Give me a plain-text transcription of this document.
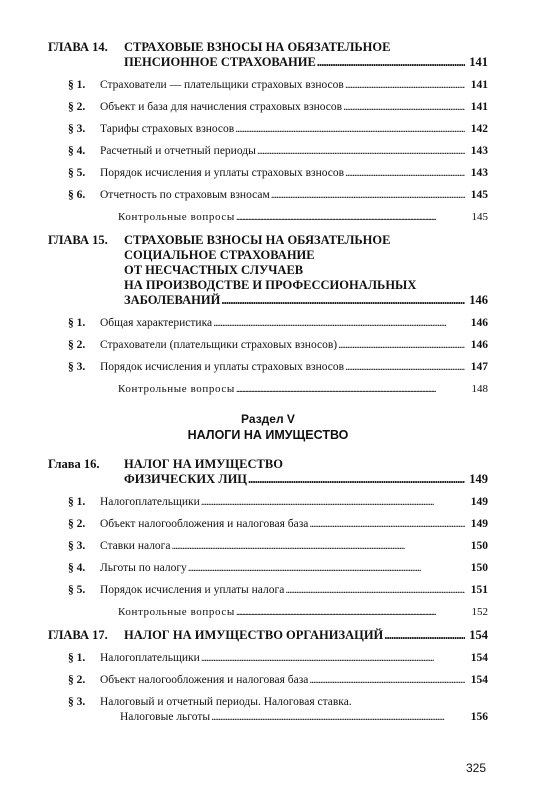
ГЛАВА 14.	СТРАХОВЫЕ ВЗНОСЫ НА ОБЯЗАТЕЛЬНОЕ
ПЕНСИОННОЕ СТРАХОВАНИЕ . . .	141
§ 1.	Страхователи — плательщики страховых взносов . . .	141
§ 2.	Объект и база для начисления страховых взносов . . .	141
§ 3.	Тарифы страховых взносов . . .	142
§ 4.	Расчетный и отчетный периоды . . .	143
§ 5.	Порядок исчисления и уплаты страховых взносов . . .	143
§ 6.	Отчетность по страховым взносам . . .	145
Контрольные вопросы . . .	145
ГЛАВА 15.	СТРАХОВЫЕ ВЗНОСЫ НА ОБЯЗАТЕЛЬНОЕ
СОЦИАЛЬНОЕ СТРАХОВАНИЕ
ОТ НЕСЧАСТНЫХ СЛУЧАЕВ
НА ПРОИЗВОДСТВЕ И ПРОФЕССИОНАЛЬНЫХ
ЗАБОЛЕВАНИЙ . . .	146
§ 1.	Общая характеристика . . .	146
§ 2.	Страхователи (плательщики страховых взносов) . . .	146
§ 3.	Порядок исчисления и уплаты страховых взносов . . .	147
Контрольные вопросы . . .	148
Раздел V
НАЛОГИ НА ИМУЩЕСТВО
Глава 16.	НАЛОГ НА ИМУЩЕСТВО
ФИЗИЧЕСКИХ ЛИЦ . . .	149
§ 1.	Налогоплательщики . . .	149
§ 2.	Объект налогообложения и налоговая база . . .	149
§ 3.	Ставки налога . . .	150
§ 4.	Льготы по налогу . . .	150
§ 5.	Порядок исчисления и уплаты налога . . .	151
Контрольные вопросы . . .	152
ГЛАВА 17.	НАЛОГ НА ИМУЩЕСТВО ОРГАНИЗАЦИЙ . . .	154
§ 1.	Налогоплательщики . . .	154
§ 2.	Объект налогообложения и налоговая база . . .	154
§ 3.	Налоговый и отчетный периоды. Налоговая ставка.
Налоговые льготы . . .	156
325
